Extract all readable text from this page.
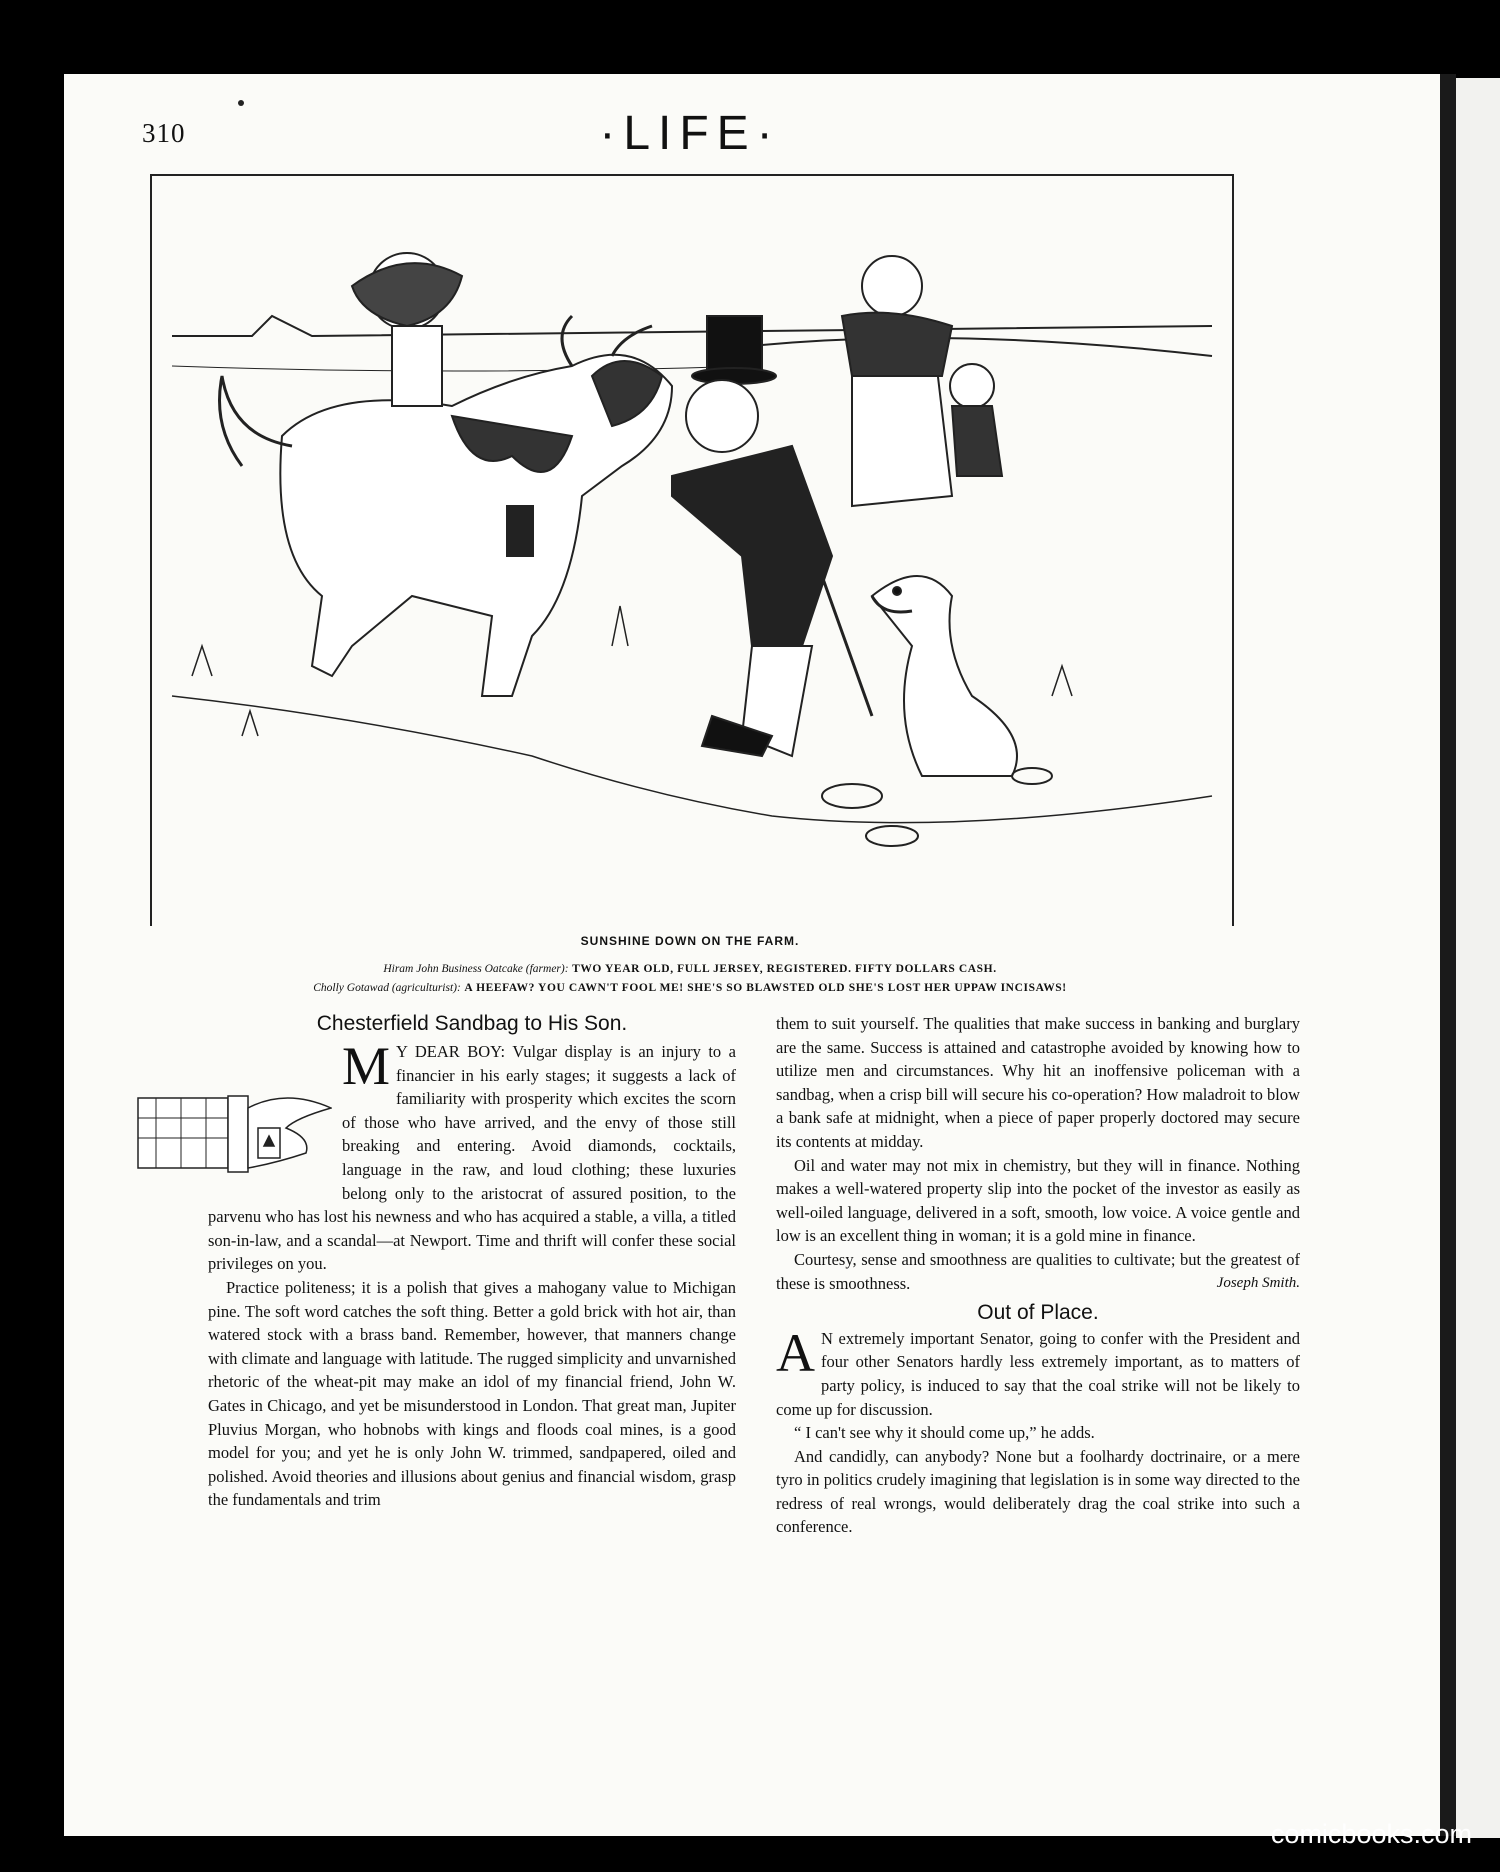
310	·LIFE·
SUNSHINE DOWN ON THE FARM.
Hiram John Business Oatcake (farmer): TWO YEAR OLD, FULL JERSEY, REGISTERED. FIFTY DOLLARS CASH.
Cholly Gotawad (agriculturist): A HEEFAW? YOU CAWN'T FOOL ME! SHE'S SO BLAWSTED OLD SHE'S LOST HER UPPAW INCISAWS!
Chesterfield Sandbag to His Son.
M Y DEAR BOY: Vulgar display is an injury to a financier in his early stages; it suggests a lack of familiarity with prosperity which excites the scorn of those who have arrived, and the envy of those still breaking and entering. Avoid diamonds, cocktails, language in the raw, and loud clothing; these luxuries belong only to the aristocrat of assured position, to the parvenu who has lost his newness and who has acquired a stable, a villa, a titled son-in-law, and a scandal—at Newport. Time and thrift will confer these social privileges on you.

Practice politeness; it is a polish that gives a mahogany value to Michigan pine. The soft word catches the soft thing. Better a gold brick with hot air, than watered stock with a brass band. Remember, however, that manners change with climate and language with latitude. The rugged simplicity and unvarnished rhetoric of the wheat-pit may make an idol of my financial friend, John W. Gates in Chicago, and yet be misunderstood in London. That great man, Jupiter Pluvius Morgan, who hobnobs with kings and floods coal mines, is a good model for you; and yet he is only John W. trimmed, sandpapered, oiled and polished. Avoid theories and illusions about genius and financial wisdom, grasp the fundamentals and trim

them to suit yourself. The qualities that make success in banking and burglary are the same. Success is attained and catastrophe avoided by knowing how to utilize men and circumstances. Why hit an inoffensive policeman with a sandbag, when a crisp bill will secure his co-operation? How maladroit to blow a bank safe at midnight, when a piece of paper properly doctored may secure its contents at midday.

Oil and water may not mix in chemistry, but they will in finance. Nothing makes a well-watered property slip into the pocket of the investor as easily as well-oiled language, delivered in a soft, smooth, low voice. A voice gentle and low is an excellent thing in woman; it is a gold mine in finance.

Courtesy, sense and smoothness are qualities to cultivate; but the greatest of these is smoothness.	Joseph Smith.

Out of Place.
A N extremely important Senator, going to confer with the President and four other Senators hardly less extremely important, as to matters of party policy, is induced to say that the coal strike will not be likely to come up for discussion.

“ I can't see why it should come up,” he adds.

And candidly, can anybody? None but a foolhardy doctrinaire, or a mere tyro in politics crudely imagining that legislation is in some way directed to the redress of real wrongs, would deliberately drag the coal strike into such a conference.

comicbooks.com
